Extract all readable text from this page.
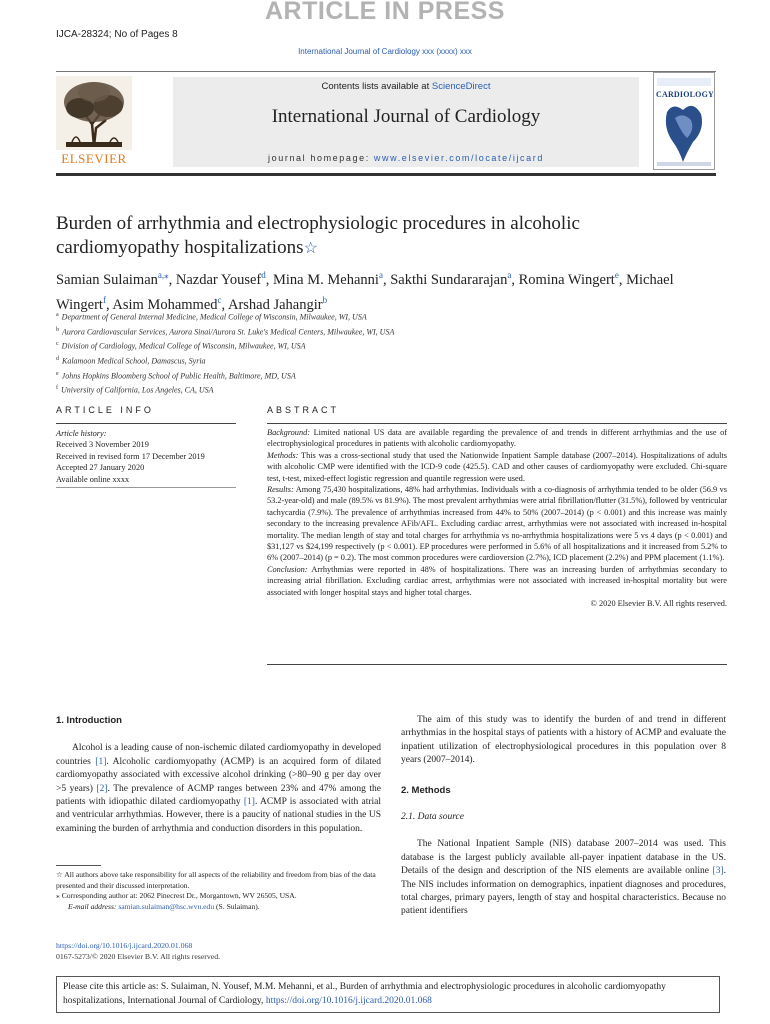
ARTICLE IN PRESS
IJCA-28324; No of Pages 8
International Journal of Cardiology xxx (xxxx) xxx
Contents lists available at ScienceDirect
International Journal of Cardiology
journal homepage: www.elsevier.com/locate/ijcard
ELSEVIER
CARDIOLOGY
Burden of arrhythmia and electrophysiologic procedures in alcoholic cardiomyopathy hospitalizations☆
Samian Sulaiman$^{a,⁎}$, Nazdar Yousef$^d$, Mina M. Mehanni$^a$, Sakthi Sundararajan$^a$, Romina Wingert$^e$, Michael Wingert$^f$, Asim Mohammed$^c$, Arshad Jahangir$^b$
$^a$ Department of General Internal Medicine, Medical College of Wisconsin, Milwaukee, WI, USA
$^b$ Aurora Cardiovascular Services, Aurora Sinai/Aurora St. Luke's Medical Centers, Milwaukee, WI, USA
$^c$ Division of Cardiology, Medical College of Wisconsin, Milwaukee, WI, USA
$^d$ Kalamoon Medical School, Damascus, Syria
$^e$ Johns Hopkins Bloomberg School of Public Health, Baltimore, MD, USA
$^f$ University of California, Los Angeles, CA, USA
ARTICLE INFO	ABSTRACT
Article history:
Received 3 November 2019
Received in revised form 17 December 2019
Accepted 27 January 2020
Available online xxxx
Background: Limited national US data are available regarding the prevalence of and trends in different arrhythmias and the use of electrophysiological procedures in patients with alcoholic cardiomyopathy.
Methods: This was a cross-sectional study that used the Nationwide Inpatient Sample database (2007–2014). Hospitalizations of adults with alcoholic CMP were identified with the ICD-9 code (425.5). CAD and other causes of cardiomyopathy were excluded. Chi-square test, t-test, mixed-effect logistic regression and quantile regression were used.
Results: Among 75,430 hospitalizations, 48% had arrhythmias. Individuals with a co-diagnosis of arrhythmia tended to be older (56.9 vs 53.2-year-old) and male (89.5% vs 81.9%). The most prevalent arrhythmias were atrial fibrillation/flutter (31.5%), followed by ventricular tachycardia (7.9%). The prevalence of arrhythmias increased from 44% to 50% (2007–2014) (p < 0.001) and this increase was mainly secondary to the increasing prevalence AFib/AFL. Excluding cardiac arrest, arrhythmias were not associated with increased in-hospital mortality. The median length of stay and total charges for arrhythmia vs no-arrhythmia hospitalizations were 5 vs 4 days (p < 0.001) and $31,127 vs $24,199 respectively (p < 0.001). EP procedures were performed in 5.6% of all hospitalizations and it increased from 5.2% to 6% (2007–2014) (p = 0.2). The most common procedures were cardioversion (2.7%), ICD placement (2.2%) and PPM placement (1.1%).
Conclusion: Arrhythmias were reported in 48% of hospitalizations. There was an increasing burden of arrhythmias secondary to increasing atrial fibrillation. Excluding cardiac arrest, arrhythmias were not associated with increased in-hospital mortality but were associated with longer hospital stays and higher total charges.
© 2020 Elsevier B.V. All rights reserved.
1. Introduction
Alcohol is a leading cause of non-ischemic dilated cardiomyopathy in developed countries [1]. Alcoholic cardiomyopathy (ACMP) is an acquired form of dilated cardiomyopathy associated with excessive alcohol drinking (>80–90 g per day over >5 years) [2]. The prevalence of ACMP ranges between 23% and 47% among the patients with idiopathic dilated cardiomyopathy [1]. ACMP is associated with atrial and ventricular arrhythmias. However, there is a paucity of national studies in the US examining the burden of arrhythmia and conduction disorders in this population.
☆ All authors above take responsibility for all aspects of the reliability and freedom from bias of the data presented and their discussed interpretation.
⁎ Corresponding author at: 2062 Pinecrest Dr., Morgantown, WV 26505, USA.
E-mail address: samian.sulaiman@hsc.wvu.edu (S. Sulaiman).
https://doi.org/10.1016/j.ijcard.2020.01.068
0167-5273/© 2020 Elsevier B.V. All rights reserved.
The aim of this study was to identify the burden of and trend in different arrhythmias in the hospital stays of patients with a history of ACMP and evaluate the inpatient utilization of electrophysiological procedures in this population over 8 years (2007–2014).
2. Methods
2.1. Data source
The National Inpatient Sample (NIS) database 2007–2014 was used. This database is the largest publicly available all-payer inpatient database in the US. Details of the design and description of the NIS elements are available online [3]. The NIS includes information on demographics, inpatient diagnoses and procedures, total charges, primary payers, length of stay and hospital characteristics. Because no patient identifiers
Please cite this article as: S. Sulaiman, N. Yousef, M.M. Mehanni, et al., Burden of arrhythmia and electrophysiologic procedures in alcoholic cardiomyopathy hospitalizations, International Journal of Cardiology, https://doi.org/10.1016/j.ijcard.2020.01.068
